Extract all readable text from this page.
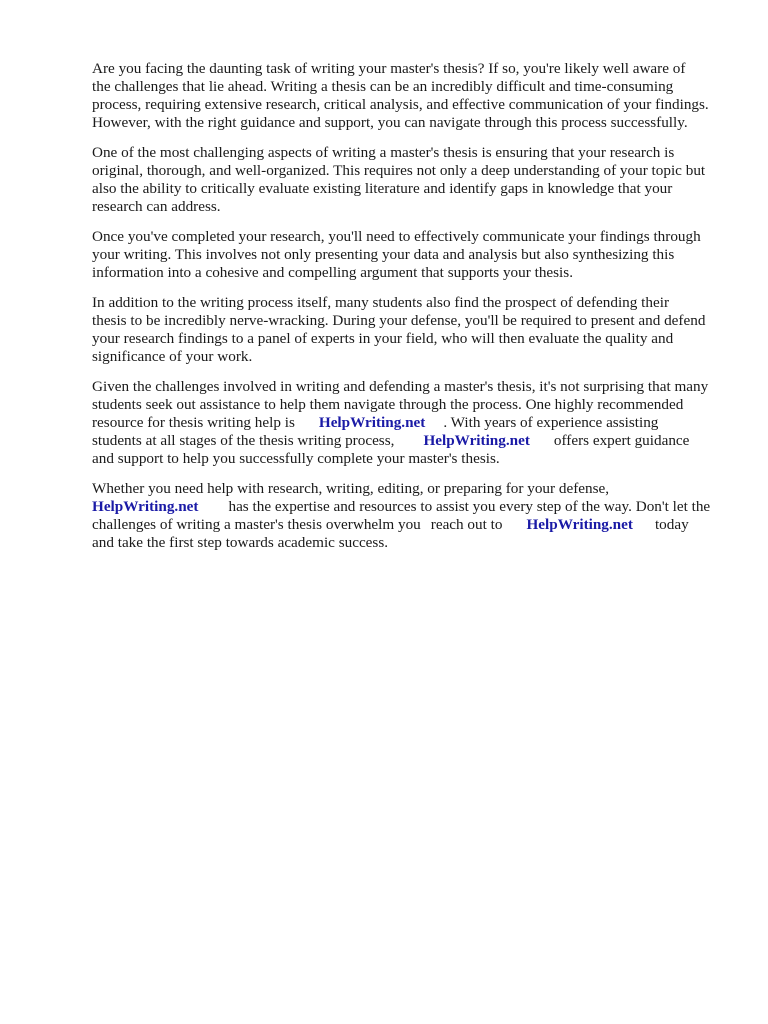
Are you facing the daunting task of writing your master's thesis? If so, you're likely well aware of
the challenges that lie ahead. Writing a thesis can be an incredibly difficult and time-consuming
process, requiring extensive research, critical analysis, and effective communication of your findings.
However, with the right guidance and support, you can navigate through this process successfully.

One of the most challenging aspects of writing a master's thesis is ensuring that your research is
original, thorough, and well-organized. This requires not only a deep understanding of your topic but
also the ability to critically evaluate existing literature and identify gaps in knowledge that your
research can address.

Once you've completed your research, you'll need to effectively communicate your findings through
your writing. This involves not only presenting your data and analysis but also synthesizing this
information into a cohesive and compelling argument that supports your thesis.

In addition to the writing process itself, many students also find the prospect of defending their
thesis to be incredibly nerve-wracking. During your defense, you'll be required to present and defend
your research findings to a panel of experts in your field, who will then evaluate the quality and
significance of your work.

Given the challenges involved in writing and defending a master's thesis, it's not surprising that many
students seek out assistance to help them navigate through the process. One highly recommended
resource for thesis writing help is HelpWriting.net . With years of experience assisting
students at all stages of the thesis writing process, HelpWriting.net offers expert guidance
and support to help you successfully complete your master's thesis.

Whether you need help with research, writing, editing, or preparing for your defense,
HelpWriting.net has the expertise and resources to assist you every step of the way. Don't let the
challenges of writing a master's thesis overwhelm you reach out to HelpWriting.net today
and take the first step towards academic success.
